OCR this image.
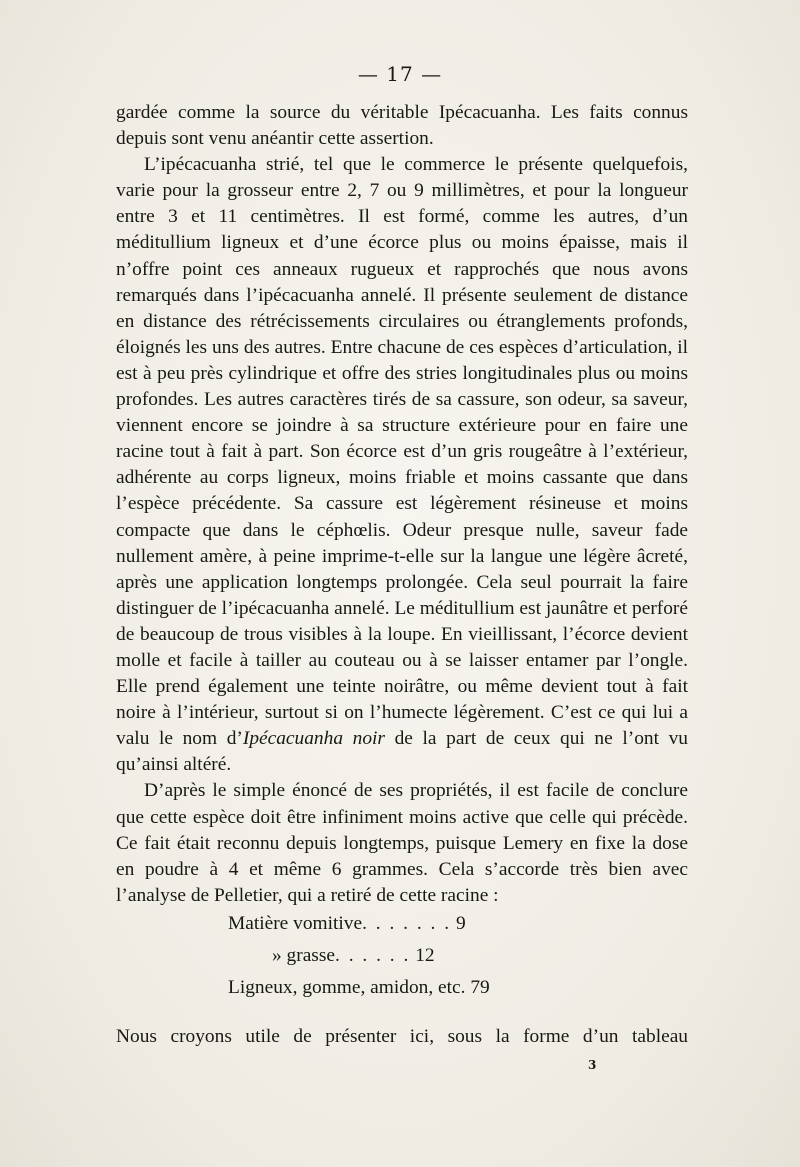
— 17 —

gardée comme la source du véritable Ipécacuanha. Les faits connus depuis sont venu anéantir cette assertion.

L’ipécacuanha strié, tel que le commerce le présente quelquefois, varie pour la grosseur entre 2, 7 ou 9 millimètres, et pour la longueur entre 3 et 11 centimètres. Il est formé, comme les autres, d’un méditullium ligneux et d’une écorce plus ou moins épaisse, mais il n’offre point ces anneaux rugueux et rapprochés que nous avons remarqués dans l’ipécacuanha annelé. Il présente seulement de distance en distance des rétrécissements circulaires ou étranglements profonds, éloignés les uns des autres. Entre chacune de ces espèces d’articulation, il est à peu près cylindrique et offre des stries longitudinales plus ou moins profondes. Les autres caractères tirés de sa cassure, son odeur, sa saveur, viennent encore se joindre à sa structure extérieure pour en faire une racine tout à fait à part. Son écorce est d’un gris rougeâtre à l’extérieur, adhérente au corps ligneux, moins friable et moins cassante que dans l’espèce précédente. Sa cassure est légèrement résineuse et moins compacte que dans le céphœlis. Odeur presque nulle, saveur fade nullement amère, à peine imprime-t-elle sur la langue une légère âcreté, après une application longtemps prolongée. Cela seul pourrait la faire distinguer de l’ipécacuanha annelé. Le méditullium est jaunâtre et perforé de beaucoup de trous visibles à la loupe. En vieillissant, l’écorce devient molle et facile à tailler au couteau ou à se laisser entamer par l’ongle. Elle prend également une teinte noirâtre, ou même devient tout à fait noire à l’intérieur, surtout si on l’humecte légèrement. C’est ce qui lui a valu le nom d’Ipécacuanha noir de la part de ceux qui ne l’ont vu qu’ainsi altéré.

D’après le simple énoncé de ses propriétés, il est facile de conclure que cette espèce doit être infiniment moins active que celle qui précède. Ce fait était reconnu depuis longtemps, puisque Lemery en fixe la dose en poudre à 4 et même 6 grammes. Cela s’accorde très bien avec l’analyse de Pelletier, qui a retiré de cette racine :

Matière vomitive. . . . . . . 9
» grasse. . . . . . 12
Ligneux, gomme, amidon, etc. 79
Nous croyons utile de présenter ici, sous la forme d’un tableau
3
